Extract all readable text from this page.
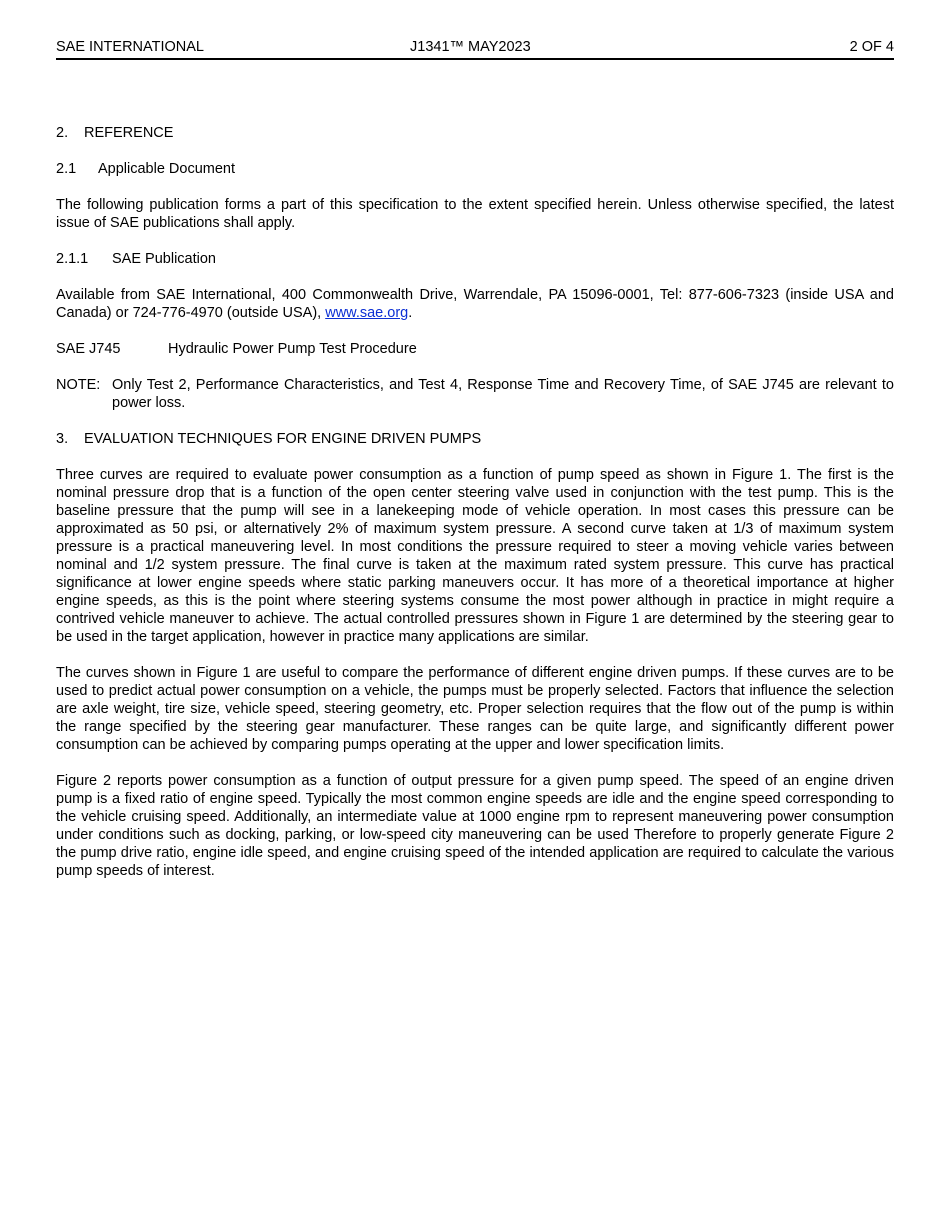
SAE INTERNATIONAL	J1341™ MAY2023	2 OF 4
2. REFERENCE
2.1 Applicable Document

The following publication forms a part of this specification to the extent specified herein. Unless otherwise specified, the latest issue of SAE publications shall apply.

2.1.1 SAE Publication

Available from SAE International, 400 Commonwealth Drive, Warrendale, PA 15096-0001, Tel: 877-606-7323 (inside USA and Canada) or 724-776-4970 (outside USA), www.sae.org.

SAE J745	Hydraulic Power Pump Test Procedure
NOTE: Only Test 2, Performance Characteristics, and Test 4, Response Time and Recovery Time, of SAE J745 are relevant to power loss.
3. EVALUATION TECHNIQUES FOR ENGINE DRIVEN PUMPS

Three curves are required to evaluate power consumption as a function of pump speed as shown in Figure 1. The first is the nominal pressure drop that is a function of the open center steering valve used in conjunction with the test pump. This is the baseline pressure that the pump will see in a lanekeeping mode of vehicle operation. In most cases this pressure can be approximated as 50 psi, or alternatively 2% of maximum system pressure. A second curve taken at 1/3 of maximum system pressure is a practical maneuvering level. In most conditions the pressure required to steer a moving vehicle varies between nominal and 1/2 system pressure. The final curve is taken at the maximum rated system pressure. This curve has practical significance at lower engine speeds where static parking maneuvers occur. It has more of a theoretical importance at higher engine speeds, as this is the point where steering systems consume the most power although in practice in might require a contrived vehicle maneuver to achieve. The actual controlled pressures shown in Figure 1 are determined by the steering gear to be used in the target application, however in practice many applications are similar.

The curves shown in Figure 1 are useful to compare the performance of different engine driven pumps. If these curves are to be used to predict actual power consumption on a vehicle, the pumps must be properly selected. Factors that influence the selection are axle weight, tire size, vehicle speed, steering geometry, etc. Proper selection requires that the flow out of the pump is within the range specified by the steering gear manufacturer. These ranges can be quite large, and significantly different power consumption can be achieved by comparing pumps operating at the upper and lower specification limits.

Figure 2 reports power consumption as a function of output pressure for a given pump speed. The speed of an engine driven pump is a fixed ratio of engine speed. Typically the most common engine speeds are idle and the engine speed corresponding to the vehicle cruising speed. Additionally, an intermediate value at 1000 engine rpm to represent maneuvering power consumption under conditions such as docking, parking, or low-speed city maneuvering can be used Therefore to properly generate Figure 2 the pump drive ratio, engine idle speed, and engine cruising speed of the intended application are required to calculate the various pump speeds of interest.
